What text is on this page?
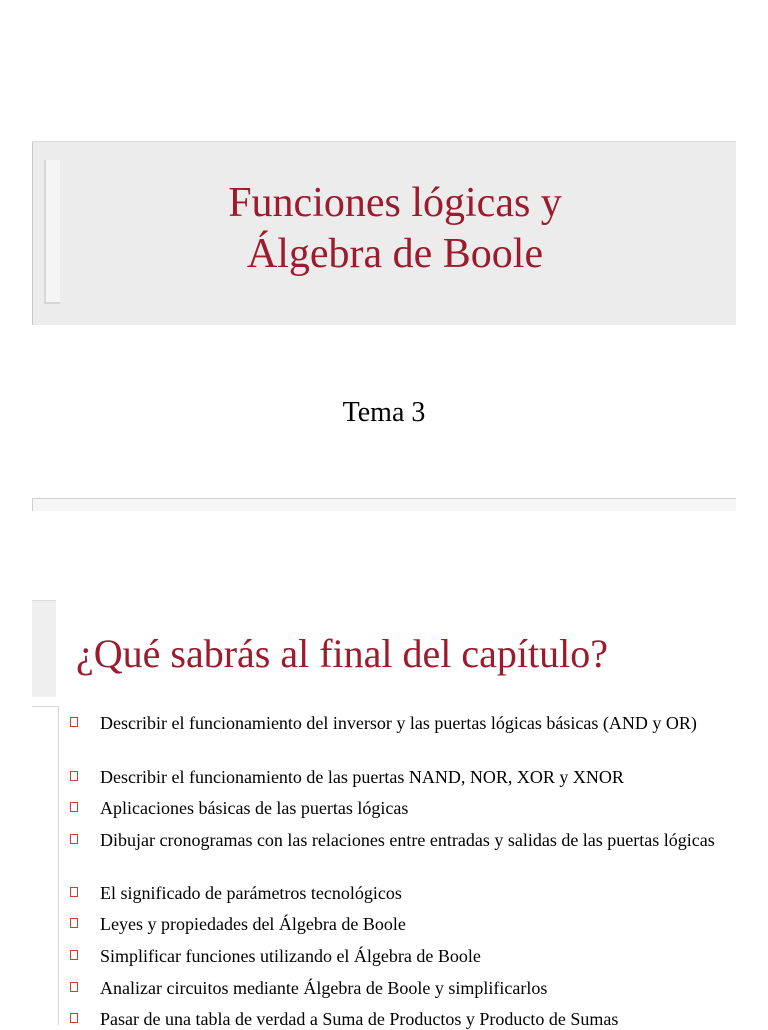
Funciones lógicas y
Álgebra de Boole
Tema 3
¿Qué sabrás al final del capítulo?
Describir el funcionamiento del inversor y las puertas lógicas básicas (AND y OR)
Describir el funcionamiento de las puertas NAND, NOR, XOR y XNOR
Aplicaciones básicas de las puertas lógicas
Dibujar cronogramas con las relaciones entre entradas y salidas de las puertas lógicas
El significado de parámetros tecnológicos
Leyes y propiedades del Álgebra de Boole
Simplificar funciones utilizando el Álgebra de Boole
Analizar circuitos mediante Álgebra de Boole y simplificarlos
Pasar de una tabla de verdad a Suma de Productos y Producto de Sumas
